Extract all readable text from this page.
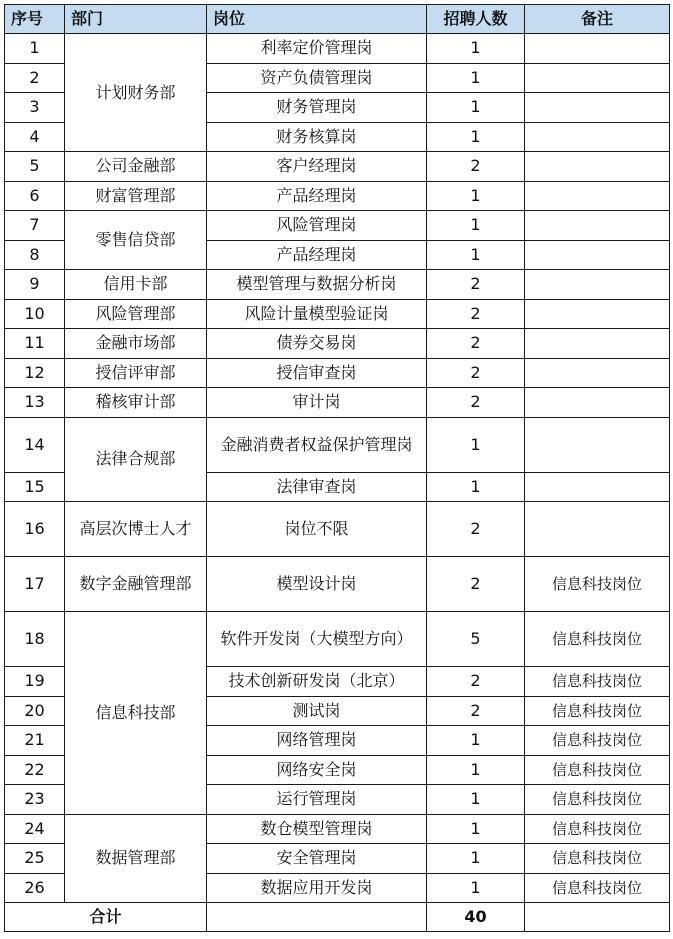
序号	部门	岗位	招聘人数	备注
1	计划财务部	利率定价管理岗	1	
2		资产负债管理岗	1	
3		财务管理岗	1	
4		财务核算岗	1	
5	公司金融部	客户经理岗	2	
6	财富管理部	产品经理岗	1	
7	零售信贷部	风险管理岗	1	
8		产品经理岗	1	
9	信用卡部	模型管理与数据分析岗	2	
10	风险管理部	风险计量模型验证岗	2	
11	金融市场部	债券交易岗	2	
12	授信评审部	授信审查岗	2	
13	稽核审计部	审计岗	2	
14	法律合规部	金融消费者权益保护管理岗	1	
15		法律审查岗	1	
16	高层次博士人才	岗位不限	2	
17	数字金融管理部	模型设计岗	2	信息科技岗位
18	信息科技部	软件开发岗（大模型方向）	5	信息科技岗位
19		技术创新研发岗（北京）	2	信息科技岗位
20		测试岗	2	信息科技岗位
21		网络管理岗	1	信息科技岗位
22		网络安全岗	1	信息科技岗位
23		运行管理岗	1	信息科技岗位
24	数据管理部	数仓模型管理岗	1	信息科技岗位
25		安全管理岗	1	信息科技岗位
26		数据应用开发岗	1	信息科技岗位
合计			40	
